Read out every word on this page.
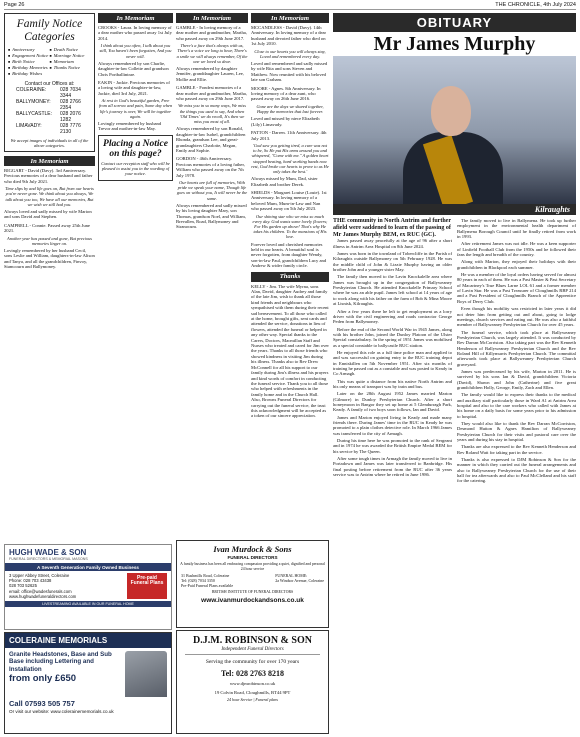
Page 26	THE CHRONICLE, 4th July 2024
Family Notice Categories
■ Anniversary	■ Death Notice
■ Engagement Notice	■ Marriage Notice
■ Birth Notice	■ Memoriam
■ Birthday Memories	■ Thanks Notice
■ Birthday Wishes
Contact our Offices at:
COLERAINE:	028 7034 3344
BALLYMONEY:	028 2766 2354
BALLYCASTLE:	028 2076 1282
LIMAVADY:	028 7776 2130
We accept images of individuals in all of the above categories.
In Memoriam
BIGGART - David (Davy). 3rd Anniversary. Precious memories of a dear husband and father who died 9th July 2021.
Time slips by and life goes on, But from our hearts you're never gone. We think about you always, We talk about you too, We have all our memories, But we wish we still had you.
Always loved and sadly missed by wife Marion and sons David and Stephen.
CAMPBELL - Connie. Passed away 25th June 2021.
Another year has passed and gone, But precious memories linger on.
Lovingly remembered by her husband Cecil, sons Leslie and William, daughters-in-law Alison and Tanya, and all the grandchildren, Finvoy, Stamcourn and Ballymoney.
In Memoriam
CROOKS - Laura. In loving memory of a dear mother who passed away 1st July 2014.
I think about you often, I talk about you still, You haven't been forgotten, And you never will.
Always remembered by son Charlie, daughter-in-law Collette and grandson Chris Portballintrae.
EAKIN - Jackie. Precious memories of a loving wife and daughter-in-law, Jackie, died 3rd July, 2021.
At rest in God's beautiful garden, Free from all sorrow and pain, Some day when life's journey is over, We will be together again.
Lovingly remembered by husband Trevor and mother-in-law May.
Placing a Notice on this page?
Contact our reception staff who will be pleased to assist you in the wording of your notice.
In Memoriam
GAMBLE - In loving memory of a dear mother and grandmother, Martha, who passed away on 29th June 2017.
There's a face that's always with us, There's a voice we long to hear, There's a smile we will always remember, Of the one we loved so dear.
Always remembered by daughter Jennifer, granddaughter Lauren, Lee, Mollie and Ellie.
GAMBLE - Fondest memories of a dear mother and grandmother, Martha, who passed away on 29th June 2017.
We miss you in so many ways, We miss the things you used to say, And when 'Old Times' we do recall, It's then we miss you most of all.
Always remembered by son Ronald, daughter-in-law Isobel, grandchildren Rhonda, grandson Lee, and great-grandaughters Charlotte, Megan, Emily and Sophie.
GORDON - 46th Anniversary. Precious memories of a loving father, William who passed away on the 7th July 1978.
Our hearts are full of memories, With pride we speak your name, Though life goes on without you, It will never be the same.
Always remembered and sadly missed by his loving daughter Mary, son Thomas, grandson Noel, and William, Brevallen, Road, Ballymoney and Stranocum.
In Memoriam
MCCANDLESS - David (Davy). 14th Anniversary. In loving memory of a dear husband and devoted father who died on 1st July 2010.
Close to our hearts you will always stay, Loved and remembered every day.
Loved and remembered and sadly missed by wife Rita and sons Steven and Matthew. Now reunited with his beloved late son Graham.
MOORE - Agnes. 8th Anniversary. In loving memory of a dear aunt, who passed away on 26th June 2016.
Gone are the days we shared together, Happy the memories that last forever.
Loved and missed by niece Elizabeth (Lily) Limavady.
PATTON - Darren. 11th Anniversary. 4th July 2013.
'God saw you getting tired, a cure was not to be, So He put His arms around you and whispered, "Come with me." A golden heart stopped beating, hard working hands now rest, God broke our hearts to prove to us He only takes the best.'
Always missed by Mum, Dad, sister Elizabeth and brother Derek.
SHIELDS - Margaret Louise (Louie). 1st Anniversary. In loving memory of a beloved Mum, Mum-in-Law and Nan who passed away on 5th July 2023.
Our shining star who we miss so much every day. God wants some lovely flowers; For His garden up above! That's why He takes his children. To the mansions of His love.
Forever loved and cherished memories held in our hearts. A beautiful soul is never forgotten, from daughter Wendy, son-in-law Paul, grandchildren Lucy and Andrew & wider family circle.
Thanks
KELLY - Jim. The wife Myrna, sons Alan, David, daughter Audrey and family of the late Jim, wish to thank all those kind friends and neighbours who sympathised with them during their recent sad bereavement. To all those who called at the home, brought gifts, sent cards and attended the service, donations in lieu of flowers, attended the funeral or helped in any other way. Special thanks to the Carers, Doctors, Macmillan Staff and Nurses who treated and cared for Jim over the years. Thanks to all those friends who showed kindness in visiting Jim during his illness. Thanks also to Rev Drew McConnell for all his support to our family during Jim's illness and his prayers and kind words of comfort in conducting the funeral service. Thank you to all those who helped with refreshments in the family home and in the Church Hall. Also, Browns Funeral Directors for carrying out the funeral service, the trust this acknowledgment will be accepted as a token of our sincere appreciation.
OBITUARY
Mr James Murphy
Kilraughts
THE community in North Antrim and further afield were saddened to learn of the passing of Mr James Murphy BEM, ex RUC (GC).
James passed away peacefully at the age of 96 after a short illness in Antrim Area Hospital on 8th June 2024.
James was born in the townland of Tobercliffe in the Parish of Kilraughts outside Ballymoney on 5th February 1928. He was the middle child of John & Lizzie Murphy having an older brother John and a younger sister May.
The family then moved to the Lavin Knockalelle area where James was brought up in the congregation of Ballyweaney Presbyterian Church. He attended Knockalelle Primary School where he was an able pupil. James left school at 14 years of age to work along with his father on the farm of Bob & Mina Moore at Lisnisk, Kilraughts.
After a few years there he left to get employment as a lorry driver with the civil engineering and roads contractor George Peden from Ballymoney.
Before the end of the Second World War in 1945 James, along with his brother John, joined the Dunloy Platoon of the Ulster Special constabulary. In the spring of 1951 James was mobilised as a special constable to ballycastle RUC station.
He enjoyed this role as a full time police man and applied to and was successful on gaining entry to the RUC training depot in Enniskillen on 5th November 1951. After six months of training he passed out as a constable and was posted to Keady in Co Armagh.
This was quite a distance from his native North Antrim and his only means of transport was by train and bus.
Later on the 28th August 1952 James married Marion (Gilmore) in Dunloy Presbyterian Church. After a short honeymoon in Bangor they set up home at 5 Glendurragh Park, Keady. A family of two boys soon follows, Ian and David.
James and Marion enjoyed living in Keady and made many friends there. During James' time in the RUC in Keady he was promoted to a plain clothes detective role. In March 1966 James was transferred to the city of Armagh.
During his time here he was promoted to the rank of Sergeant and in 1974 he was awarded the British Empire Medal BEM for his service by The Queen.
After some tough times in Armagh the family moved to live in Portadown and James was later transferred to Banbridge. His final posting before retirement from the RUC after 36 years service was to Antrim where he retired in June 1986.
The family moved to live in Ballymena. He took up further employment in the environmental health department of Ballymena Borough Council until he finally retired from work in 1993.
After retirement James was not idle. He was a keen supporter of Linfield Football Club from the 1950s and he followed their fans the length and breadth of the country.
Along with Marion, they enjoyed their holidays with their grandchildren in Blackpool each summer.
He was a member of the loyal orders having served for almost 80 years in each of them. He was a Past Master & Past Secretary of Macartney's True Blues Larne LOL 61 and a former member of Lavin Star. He was a Past Treasurer of Cloughmills RBP 214 and a Past President of Cloughmills Branch of the Apprentice Boys of Derry Club.
Even though his mobility was restricted in later years it did not deter him from getting out and about, going to lodge meetings, church services and eating out. He was also a faithful member of Ballyweaney Presbyterian Church for over 45 years.
The funeral service, which took place at Ballyweaney Presbyterian Church, was largely attended. It was conducted by Rev Darran McCorriston. Also taking part was the Rev Kenneth Henderson of Ballyweaney Presbyterian Church and the Rev Roland Hill of Killymurris Presbyterian Church. The committal afterwards took place at Ballyweaney Presbyterian Church graveyard.
James was predeceased by his wife, Marion in 2011. He is survived by his sons Ian & David, grandchildren Victoria (David), Shawn and John (Catherine) and five great grandchildren Holly, George, Emily, Zach and Ellen.
The family would like to express their thanks to the medical and auxiliary staff particularly those in Ward A1 at Antrim Area hospital and also to the care workers who called with James at his home on a daily basis for some years prior to his admission to hospital.
They would also like to thank the Rev Darran McCorriston, Desmond Hutton & Agnes Hamilton of Ballyweaney Presbyterian Church for their visits and pastoral care over the years and during his stay in hospital.
Thanks are also expressed to the Rev Kenneth Henderson and Rev Roland Watt for taking part in the service.
Thanks is also expressed to DJM Robinson & Son for the manner in which they carried out the funeral arrangements and also to Ballyweaney Presbyterian Church for the use of their hall for tea afterwards and also to Paul McClelland and his staff for the catering.
HUGH WADE & SON
FUNERAL DIRECTORS & MEMORIAL MASONS
A Seventh Generation Family Owned Business
3 Upper Abbey Street, Coleraine
Phone: 028 703 43438
028 703 52625
email: office@wadesfunerals.com
www.hughwadefuneraldirectors.com
Pre-paid Funeral Plans
LIVESTREAMING AVAILABLE IN OUR FUNERAL HOME
COLERAINE MEMORIALS
Granite Headstones, Base and Sub Base including Lettering and Installation
from only £650
Call 07593 505 757
Or visit our website: www.colerainememorials.co.uk
Ivan Murdock & Sons
FUNERAL DIRECTORS
A family business has been all embracing compassion providing a quiet, dignified and personal 24 hour service
31 Bushmills Road, Coleraine
Tel: (028) 7034 3350
Pre-Paid Funeral Plans available
FUNERAL HOME:
2a Windsor Avenue, Coleraine
BRITISH INSTITUTE OF FUNERAL DIRECTORS
www.ivanmurdockandsons.co.uk
D.J.M. ROBINSON & SON
Independent Funeral Directors
Serving the community for over 170 years
Tel: 028 2763 8218
www.djmrobinson.co.uk
19 Colvin Road, Cloughmills, BT44 9PT
24 hour Service | Funeral plans
